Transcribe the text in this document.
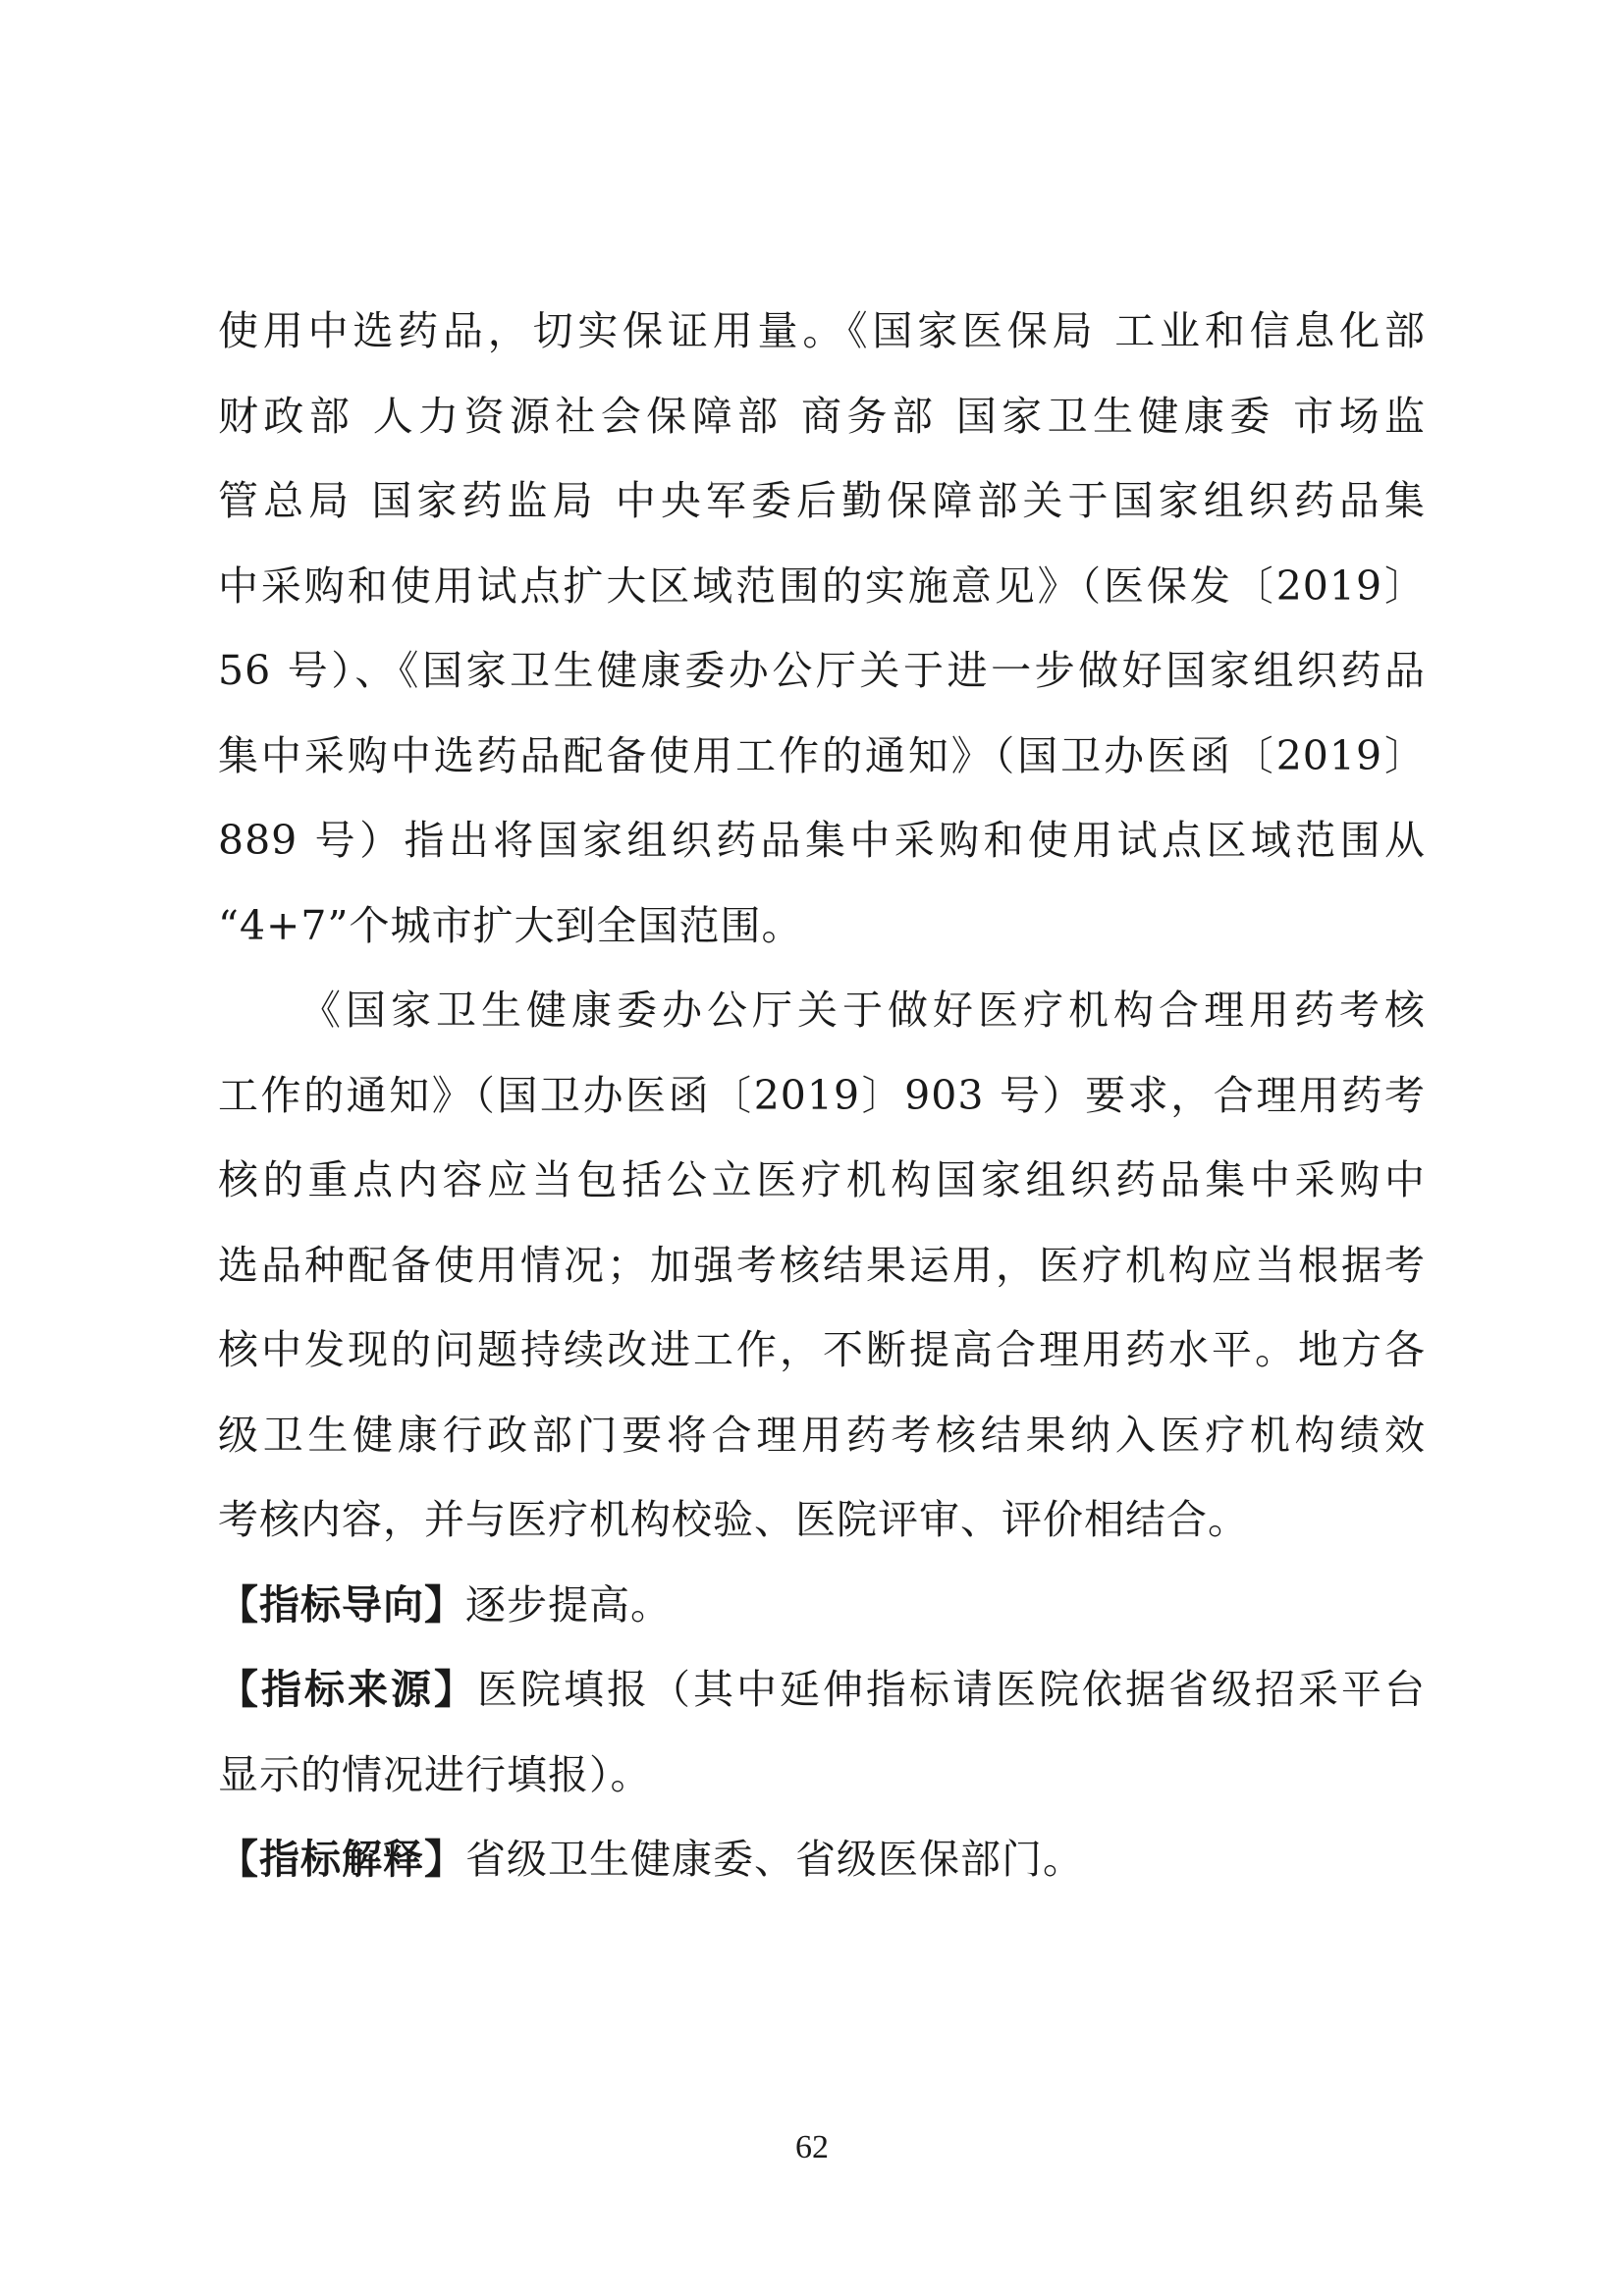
使用中选药品，切实保证用量。《国家医保局 工业和信息化部
财政部 人力资源社会保障部 商务部 国家卫生健康委 市场监
管总局 国家药监局 中央军委后勤保障部关于国家组织药品集
中采购和使用试点扩大区域范围的实施意见》（医保发〔2019〕
56 号）、《国家卫生健康委办公厅关于进一步做好国家组织药品
集中采购中选药品配备使用工作的通知》（国卫办医函〔2019〕
889 号）指出将国家组织药品集中采购和使用试点区域范围从
“4+7”个城市扩大到全国范围。
《国家卫生健康委办公厅关于做好医疗机构合理用药考核
工作的通知》（国卫办医函〔2019〕903 号）要求，合理用药考
核的重点内容应当包括公立医疗机构国家组织药品集中采购中
选品种配备使用情况；加强考核结果运用，医疗机构应当根据考
核中发现的问题持续改进工作，不断提高合理用药水平。地方各
级卫生健康行政部门要将合理用药考核结果纳入医疗机构绩效
考核内容，并与医疗机构校验、医院评审、评价相结合。
【指标导向】逐步提高。
【指标来源】医院填报（其中延伸指标请医院依据省级招采平台
显示的情况进行填报）。
【指标解释】省级卫生健康委、省级医保部门。
62
